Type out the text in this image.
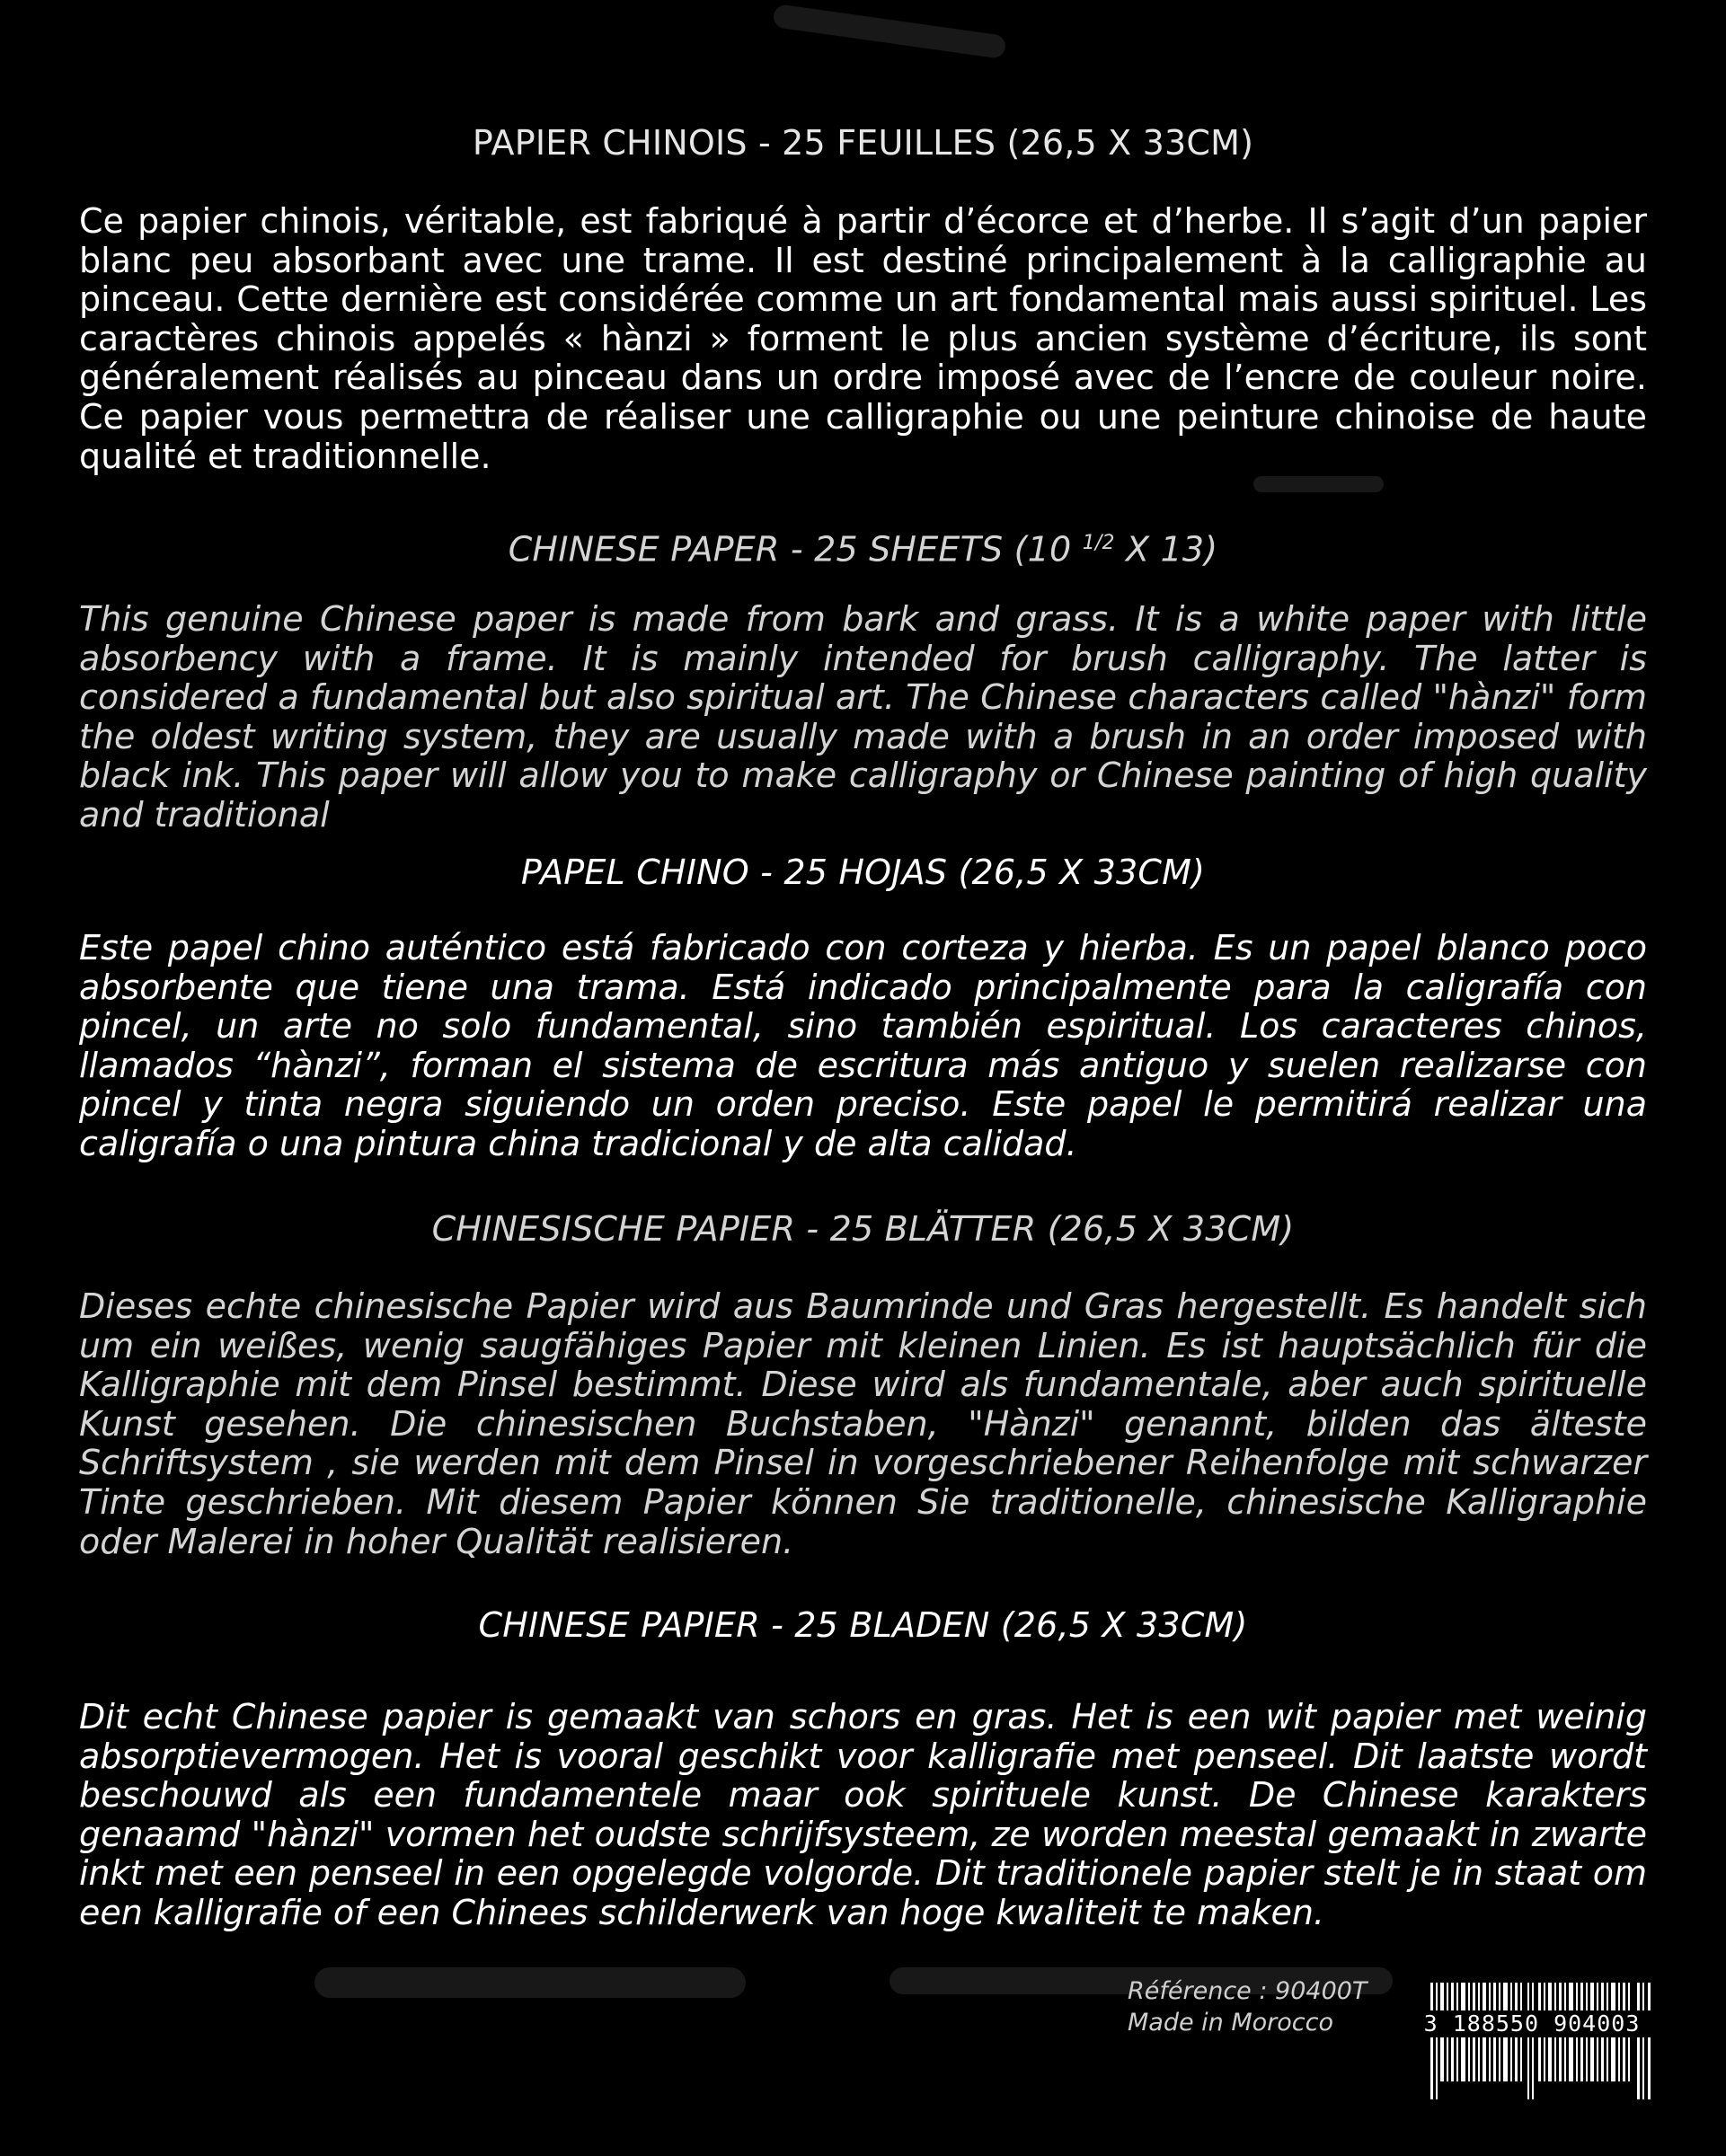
PAPIER CHINOIS - 25 FEUILLES (26,5 X 33CM)
Ce papier chinois, véritable, est fabriqué à partir d’écorce et d’herbe. Il s’agit d’un papier blanc peu absorbant avec une trame. Il est destiné principalement à la calligraphie au pinceau. Cette dernière est considérée comme un art fondamental mais aussi spirituel. Les caractères chinois appelés « hànzi » forment le plus ancien système d’écriture, ils sont généralement réalisés au pinceau dans un ordre imposé avec de l’encre de couleur noire. Ce papier vous permettra de réaliser une calligraphie ou une peinture chinoise de haute qualité et traditionnelle.
CHINESE PAPER - 25 SHEETS (10 $^{1/2}$ X 13)
This genuine Chinese paper is made from bark and grass. It is a white paper with little absorbency with a frame. It is mainly intended for brush calligraphy. The latter is considered a fundamental but also spiritual art. The Chinese characters called "hànzi" form the oldest writing system, they are usually made with a brush in an order imposed with black ink. This paper will allow you to make calligraphy or Chinese painting of high quality and traditional
PAPEL CHINO - 25 HOJAS (26,5 X 33CM)
Este papel chino auténtico está fabricado con corteza y hierba. Es un papel blanco poco absorbente que tiene una trama. Está indicado principalmente para la caligrafía con pincel, un arte no solo fundamental, sino también espiritual. Los caracteres chinos, llamados “hànzi”, forman el sistema de escritura más antiguo y suelen realizarse con pincel y tinta negra siguiendo un orden preciso. Este papel le permitirá realizar una caligrafía o una pintura china tradicional y de alta calidad.
CHINESISCHE PAPIER - 25 BLÄTTER (26,5 X 33CM)
Dieses echte chinesische Papier wird aus Baumrinde und Gras hergestellt. Es handelt sich um ein weißes, wenig saugfähiges Papier mit kleinen Linien. Es ist hauptsächlich für die Kalligraphie mit dem Pinsel bestimmt. Diese wird als fundamentale, aber auch spirituelle Kunst gesehen. Die chinesischen Buchstaben, "Hànzi" genannt, bilden das älteste Schriftsystem , sie werden mit dem Pinsel in vorgeschriebener Reihenfolge mit schwarzer Tinte geschrieben. Mit diesem Papier können Sie traditionelle, chinesische Kalligraphie oder Malerei in hoher Qualität realisieren.
CHINESE PAPIER - 25 BLADEN (26,5 X 33CM)
Dit echt Chinese papier is gemaakt van schors en gras. Het is een wit papier met weinig absorptievermogen. Het is vooral geschikt voor kalligrafie met penseel. Dit laatste wordt beschouwd als een fundamentele maar ook spirituele kunst. De Chinese karakters genaamd "hànzi" vormen het oudste schrijfsysteem, ze worden meestal gemaakt in zwarte inkt met een penseel in een opgelegde volgorde. Dit traditionele papier stelt je in staat om een kalligrafie of een Chinees schilderwerk van hoge kwaliteit te maken.
Référence : 90400T
Made in Morocco	3 188550 904003
